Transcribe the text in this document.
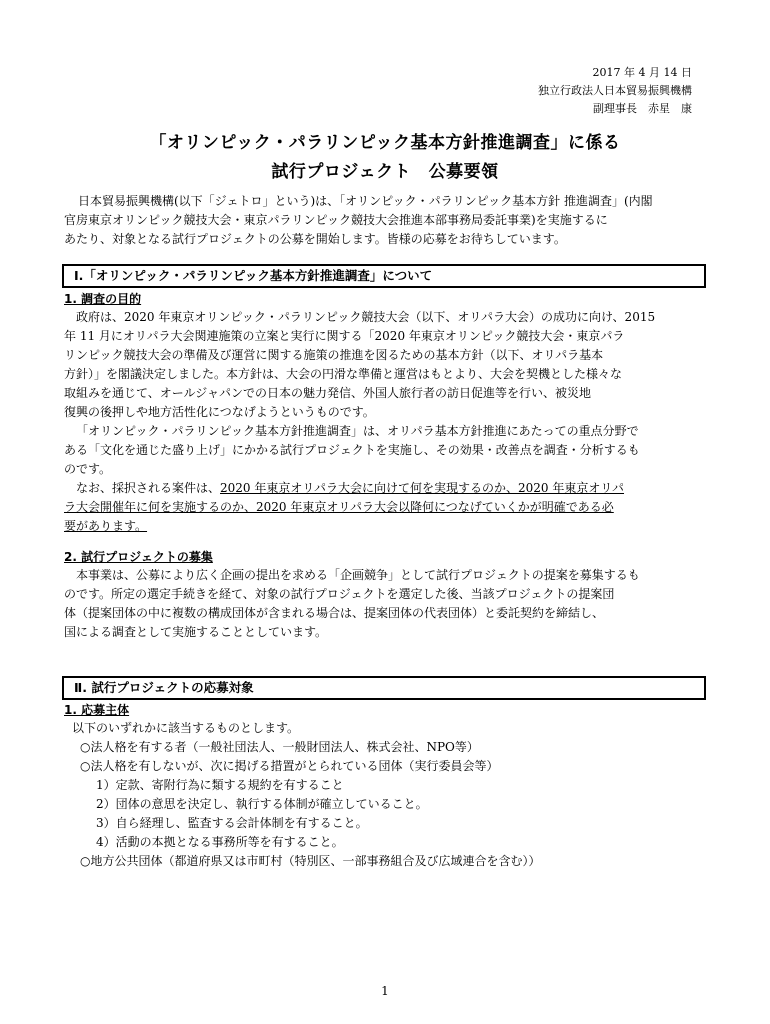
2017 年 4 月 14 日
独立行政法人日本貿易振興機構
副理事長　赤星　康
「オリンピック・パラリンピック基本方針推進調査」に係る
試行プロジェクト　公募要領
日本貿易振興機構(以下「ジェトロ」という)は、「オリンピック・パラリンピック基本方針 推進調査」(内閣
官房東京オリンピック競技大会・東京パラリンピック競技大会推進本部事務局委託事業)を実施するに
あたり、対象となる試行プロジェクトの公募を開始します。皆様の応募をお待ちしています。
Ⅰ.「オリンピック・パラリンピック基本方針推進調査」について
1. 調査の目的
政府は、2020 年東京オリンピック・パラリンピック競技大会（以下、オリパラ大会）の成功に向け、2015
年 11 月にオリパラ大会関連施策の立案と実行に関する「2020 年東京オリンピック競技大会・東京パラ
リンピック競技大会の準備及び運営に関する施策の推進を図るための基本方針（以下、オリパラ基本
方針）」を閣議決定しました。本方針は、大会の円滑な準備と運営はもとより、大会を契機とした様々な
取組みを通じて、オールジャパンでの日本の魅力発信、外国人旅行者の訪日促進等を行い、被災地
復興の後押しや地方活性化につなげようというものです。
「オリンピック・パラリンピック基本方針推進調査」は、オリパラ基本方針推進にあたっての重点分野で
ある「文化を通じた盛り上げ」にかかる試行プロジェクトを実施し、その効果・改善点を調査・分析するも
のです。
なお、採択される案件は、2020 年東京オリパラ大会に向けて何を実現するのか、2020 年東京オリパ
ラ大会開催年に何を実施するのか、2020 年東京オリパラ大会以降何につなげていくかが明確である必
要があります。
2. 試行プロジェクトの募集
本事業は、公募により広く企画の提出を求める「企画競争」として試行プロジェクトの提案を募集するも
のです。所定の選定手続きを経て、対象の試行プロジェクトを選定した後、当該プロジェクトの提案団
体（提案団体の中に複数の構成団体が含まれる場合は、提案団体の代表団体）と委託契約を締結し、
国による調査として実施することとしています。
Ⅱ. 試行プロジェクトの応募対象
1. 応募主体
以下のいずれかに該当するものとします。
○法人格を有する者（一般社団法人、一般財団法人、株式会社、NPO等）
○法人格を有しないが、次に掲げる措置がとられている団体（実行委員会等）
1）定款、寄附行為に類する規約を有すること
2）団体の意思を決定し、執行する体制が確立していること。
3）自ら経理し、監査する会計体制を有すること。
4）活動の本拠となる事務所等を有すること。
○地方公共団体（都道府県又は市町村（特別区、一部事務組合及び広域連合を含む））
1
